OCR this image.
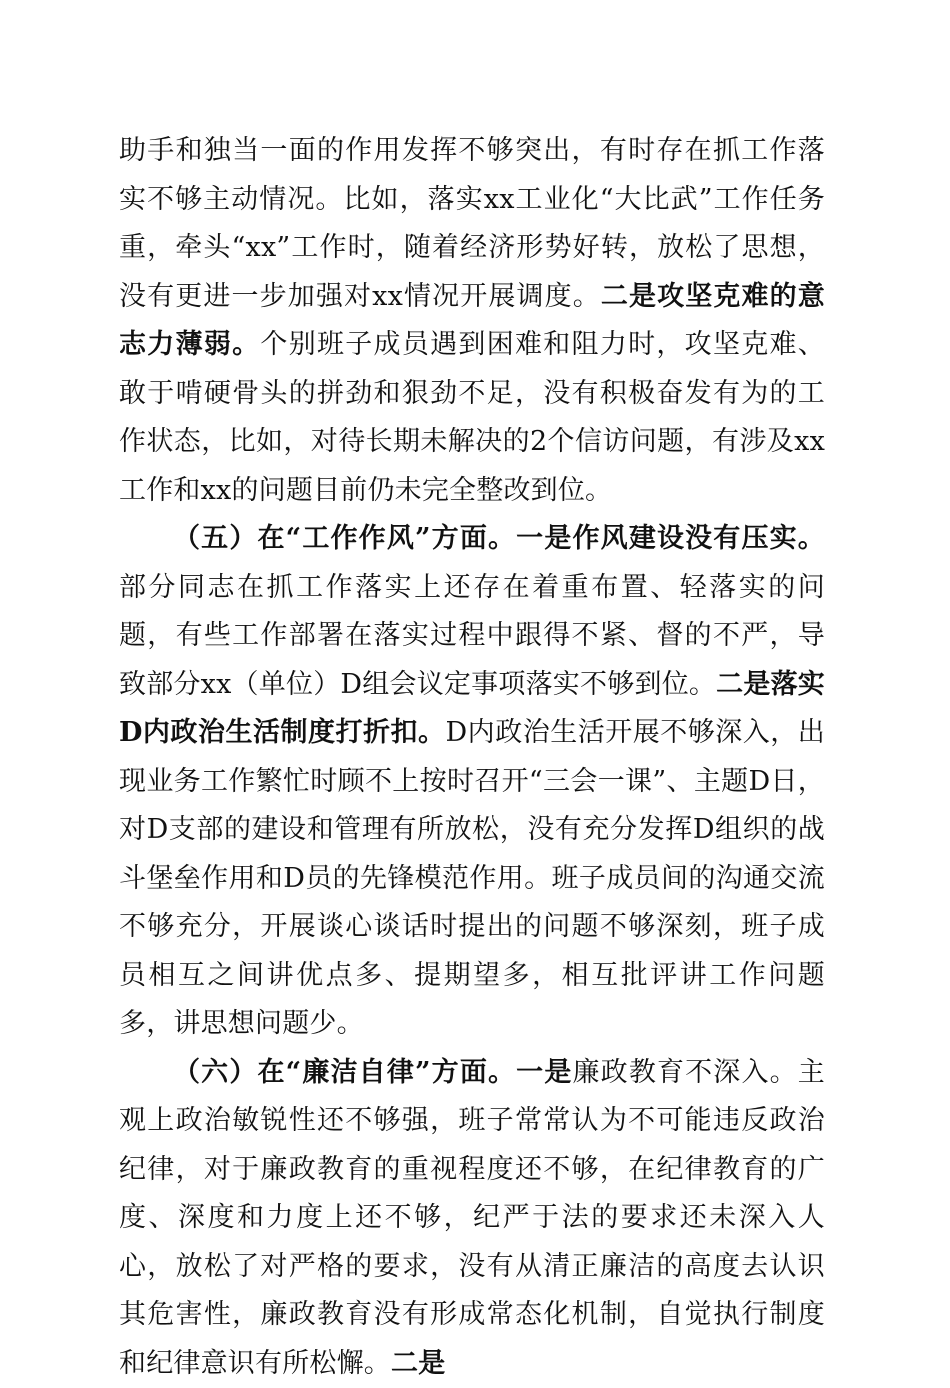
助手和独当一面的作用发挥不够突出，有时存在抓工作落实不够主动情况。比如，落实xx工业化“大比武”工作任务重，牵头“xx”工作时，随着经济形势好转，放松了思想，没有更进一步加强对xx情况开展调度。二是攻坚克难的意志力薄弱。个别班子成员遇到困难和阻力时，攻坚克难、敢于啃硬骨头的拼劲和狠劲不足，没有积极奋发有为的工作状态，比如，对待长期未解决的2个信访问题，有涉及xx工作和xx的问题目前仍未完全整改到位。

（五）在“工作作风”方面。一是作风建设没有压实。部分同志在抓工作落实上还存在着重布置、轻落实的问题，有些工作部署在落实过程中跟得不紧、督的不严，导致部分xx（单位）D组会议定事项落实不够到位。二是落实D内政治生活制度打折扣。D内政治生活开展不够深入，出现业务工作繁忙时顾不上按时召开“三会一课”、主题D日，对D支部的建设和管理有所放松，没有充分发挥D组织的战斗堡垒作用和D员的先锋模范作用。班子成员间的沟通交流不够充分，开展谈心谈话时提出的问题不够深刻，班子成员相互之间讲优点多、提期望多，相互批评讲工作问题多，讲思想问题少。

（六）在“廉洁自律”方面。一是廉政教育不深入。主观上政治敏锐性还不够强，班子常常认为不可能违反政治纪律，对于廉政教育的重视程度还不够，在纪律教育的广度、深度和力度上还不够，纪严于法的要求还未深入人心，放松了对严格的要求，没有从清正廉洁的高度去认识其危害性，廉政教育没有形成常态化机制，自觉执行制度和纪律意识有所松懈。二是
